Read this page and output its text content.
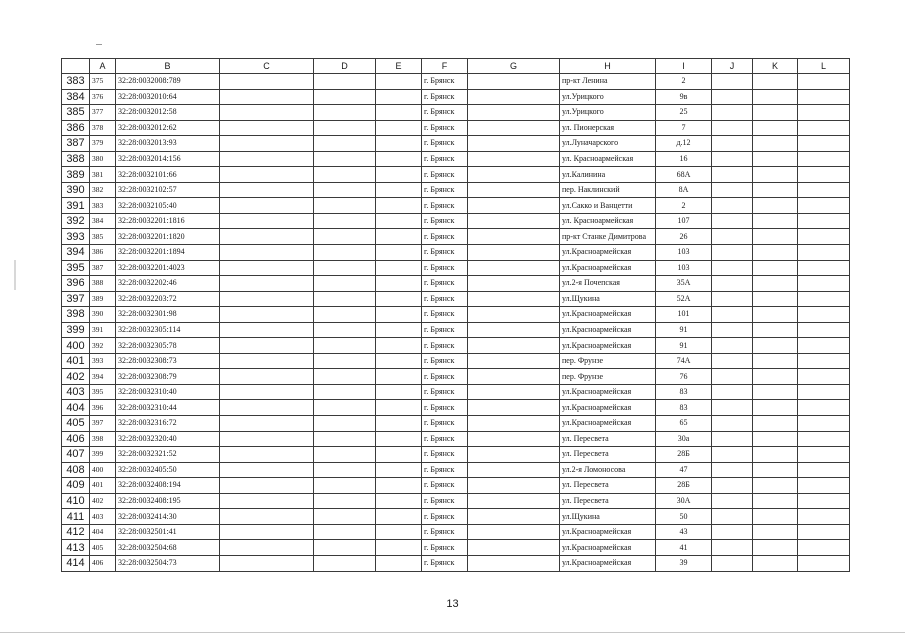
	A	B	C	D	E	F	G	H	I	J	K	L
383	375	32:28:0032008:789				г. Брянск		пр-кт Ленина	2			
384	376	32:28:0032010:64				г. Брянск		ул.Урицкого	9в			
385	377	32:28:0032012:58				г. Брянск		ул.Урицкого	25			
386	378	32:28:0032012:62				г. Брянск		ул. Пионерская	7			
387	379	32:28:0032013:93				г. Брянск		ул.Луначарского	д.12			
388	380	32:28:0032014:156				г. Брянск		ул. Красноармейская	16			
389	381	32:28:0032101:66				г. Брянск		ул.Калинина	68А			
390	382	32:28:0032102:57				г. Брянск		пер. Наклинский	8А			
391	383	32:28:0032105:40				г. Брянск		ул.Сакко и Ванцетти	2			
392	384	32:28:0032201:1816				г. Брянск		ул. Красноармейская	107			
393	385	32:28:0032201:1820				г. Брянск		пр-кт Станке Димитрова	26			
394	386	32:28:0032201:1894				г. Брянск		ул.Красноармейская	103			
395	387	32:28:0032201:4023				г. Брянск		ул.Красноармейская	103			
396	388	32:28:0032202:46				г. Брянск		ул.2-я Почепская	35А			
397	389	32:28:0032203:72				г. Брянск		ул.Щукина	52А			
398	390	32:28:0032301:98				г. Брянск		ул.Красноармейская	101			
399	391	32:28:0032305:114				г. Брянск		ул.Красноармейская	91			
400	392	32:28:0032305:78				г. Брянск		ул.Красноармейская	91			
401	393	32:28:0032308:73				г. Брянск		пер. Фрунзе	74А			
402	394	32:28:0032308:79				г. Брянск		пер. Фрунзе	76			
403	395	32:28:0032310:40				г. Брянск		ул.Красноармейская	83			
404	396	32:28:0032310:44				г. Брянск		ул.Красноармейская	83			
405	397	32:28:0032316:72				г. Брянск		ул.Красноармейская	65			
406	398	32:28:0032320:40				г. Брянск		ул. Пересвета	30а			
407	399	32:28:0032321:52				г. Брянск		ул. Пересвета	28Б			
408	400	32:28:0032405:50				г. Брянск		ул.2-я Ломоносова	47			
409	401	32:28:0032408:194				г. Брянск		ул. Пересвета	28Б			
410	402	32:28:0032408:195				г. Брянск		ул. Пересвета	30А			
411	403	32:28:0032414:30				г. Брянск		ул.Щукина	50			
412	404	32:28:0032501:41				г. Брянск		ул.Красноармейская	43			
413	405	32:28:0032504:68				г. Брянск		ул.Красноармейская	41			
414	406	32:28:0032504:73				г. Брянск		ул.Красноармейская	39			
13
